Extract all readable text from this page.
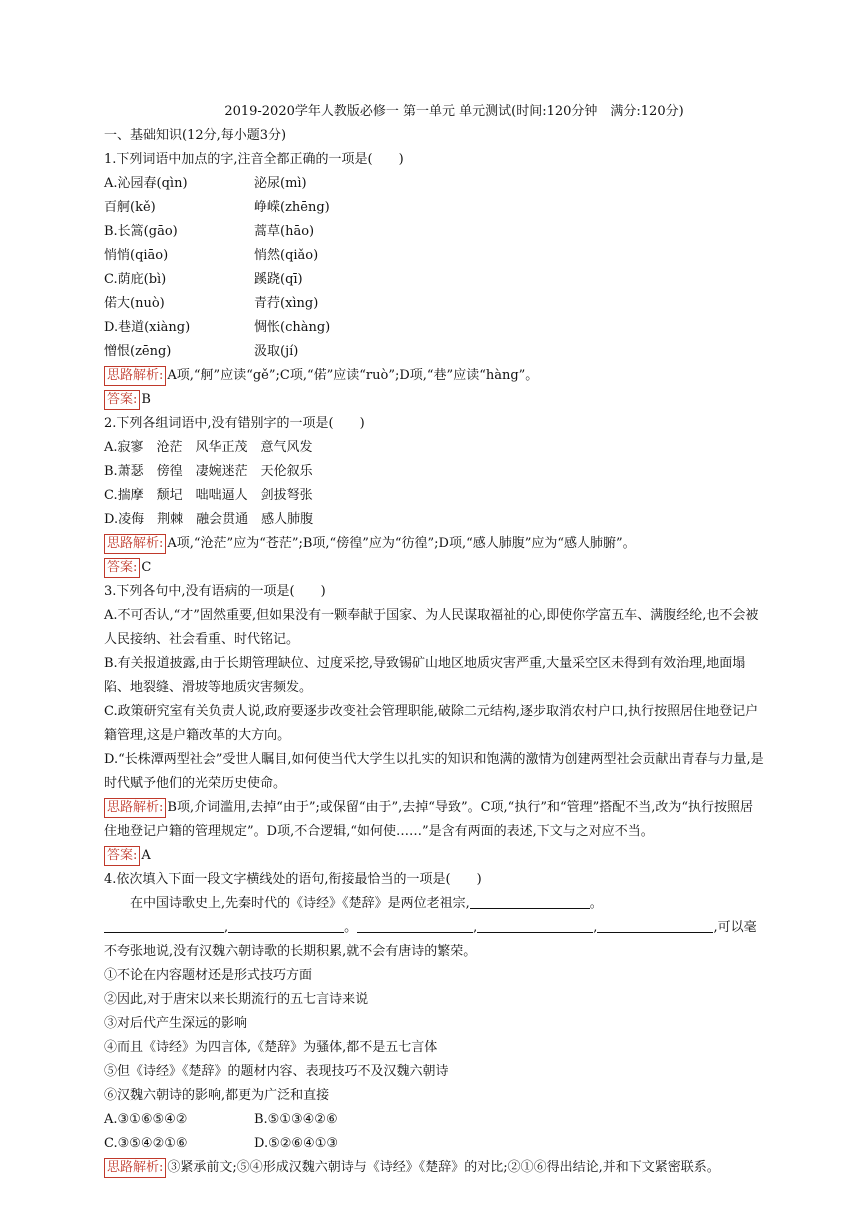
2019-2020学年人教版必修一 第一单元 单元测试(时间:120分钟　满分:120分)
一、基础知识(12分,每小题3分)
1.下列词语中加点的字,注音全都正确的一项是(　　)
A.沁园春(qìn)	泌尿(mì)
百舸(kě)	峥嵘(zhēng)
B.长篙(gāo)	蒿草(hāo)
悄悄(qiāo)	悄然(qiǎo)
C.荫庇(bì)	蹊跷(qī)
偌大(nuò)	青荇(xìng)
D.巷道(xiàng)	惆怅(chàng)
憎恨(zēng)	汲取(jí)
思路解析: A项,“舸”应读“gě”;C项,“偌”应读“ruò”;D项,“巷”应读“hàng”。
答案: B
2.下列各组词语中,没有错别字的一项是(　　)
A.寂寥　沧茫　风华正茂　意气风发
B.萧瑟　傍徨　凄婉迷茫　天伦叙乐
C.揣摩　颓圮　咄咄逼人　剑拔弩张
D.凌侮　荆棘　融会贯通　感人肺腹
思路解析: A项,“沧茫”应为“苍茫”;B项,“傍徨”应为“彷徨”;D项,“感人肺腹”应为“感人肺腑”。
答案: C
3.下列各句中,没有语病的一项是(　　)
A.不可否认,“才”固然重要,但如果没有一颗奉献于国家、为人民谋取福祉的心,即使你学富五车、满腹经纶,也不会被人民接纳、社会看重、时代铭记。
B.有关报道披露,由于长期管理缺位、过度采挖,导致锡矿山地区地质灾害严重,大量采空区未得到有效治理,地面塌陷、地裂缝、滑坡等地质灾害频发。
C.政策研究室有关负责人说,政府要逐步改变社会管理职能,破除二元结构,逐步取消农村户口,执行按照居住地登记户籍管理,这是户籍改革的大方向。
D.“长株潭两型社会”受世人瞩目,如何使当代大学生以扎实的知识和饱满的激情为创建两型社会贡献出青春与力量,是时代赋予他们的光荣历史使命。
思路解析: B项,介词滥用,去掉“由于”;或保留“由于”,去掉“导致”。C项,“执行”和“管理”搭配不当,改为“执行按照居住地登记户籍的管理规定”。D项,不合逻辑,“如何使……”是含有两面的表述,下文与之对应不当。
答案: A
4.依次填入下面一段文字横线处的语句,衔接最恰当的一项是(　　)
在中国诗歌史上,先秦时代的《诗经》《楚辞》是两位老祖宗,	。
,	。	,	,	,可以毫不夸张地说,没有汉魏六朝诗歌的长期积累,就不会有唐诗的繁荣。
①不论在内容题材还是形式技巧方面
②因此,对于唐宋以来长期流行的五七言诗来说
③对后代产生深远的影响
④而且《诗经》为四言体,《楚辞》为骚体,都不是五七言体
⑤但《诗经》《楚辞》的题材内容、表现技巧不及汉魏六朝诗
⑥汉魏六朝诗的影响,都更为广泛和直接
A.③①⑥⑤④②	B.⑤①③④②⑥
C.③⑤④②①⑥	D.⑤②⑥④①③
思路解析: ③紧承前文;⑤④形成汉魏六朝诗与《诗经》《楚辞》的对比;②①⑥得出结论,并和下文紧密联系。
